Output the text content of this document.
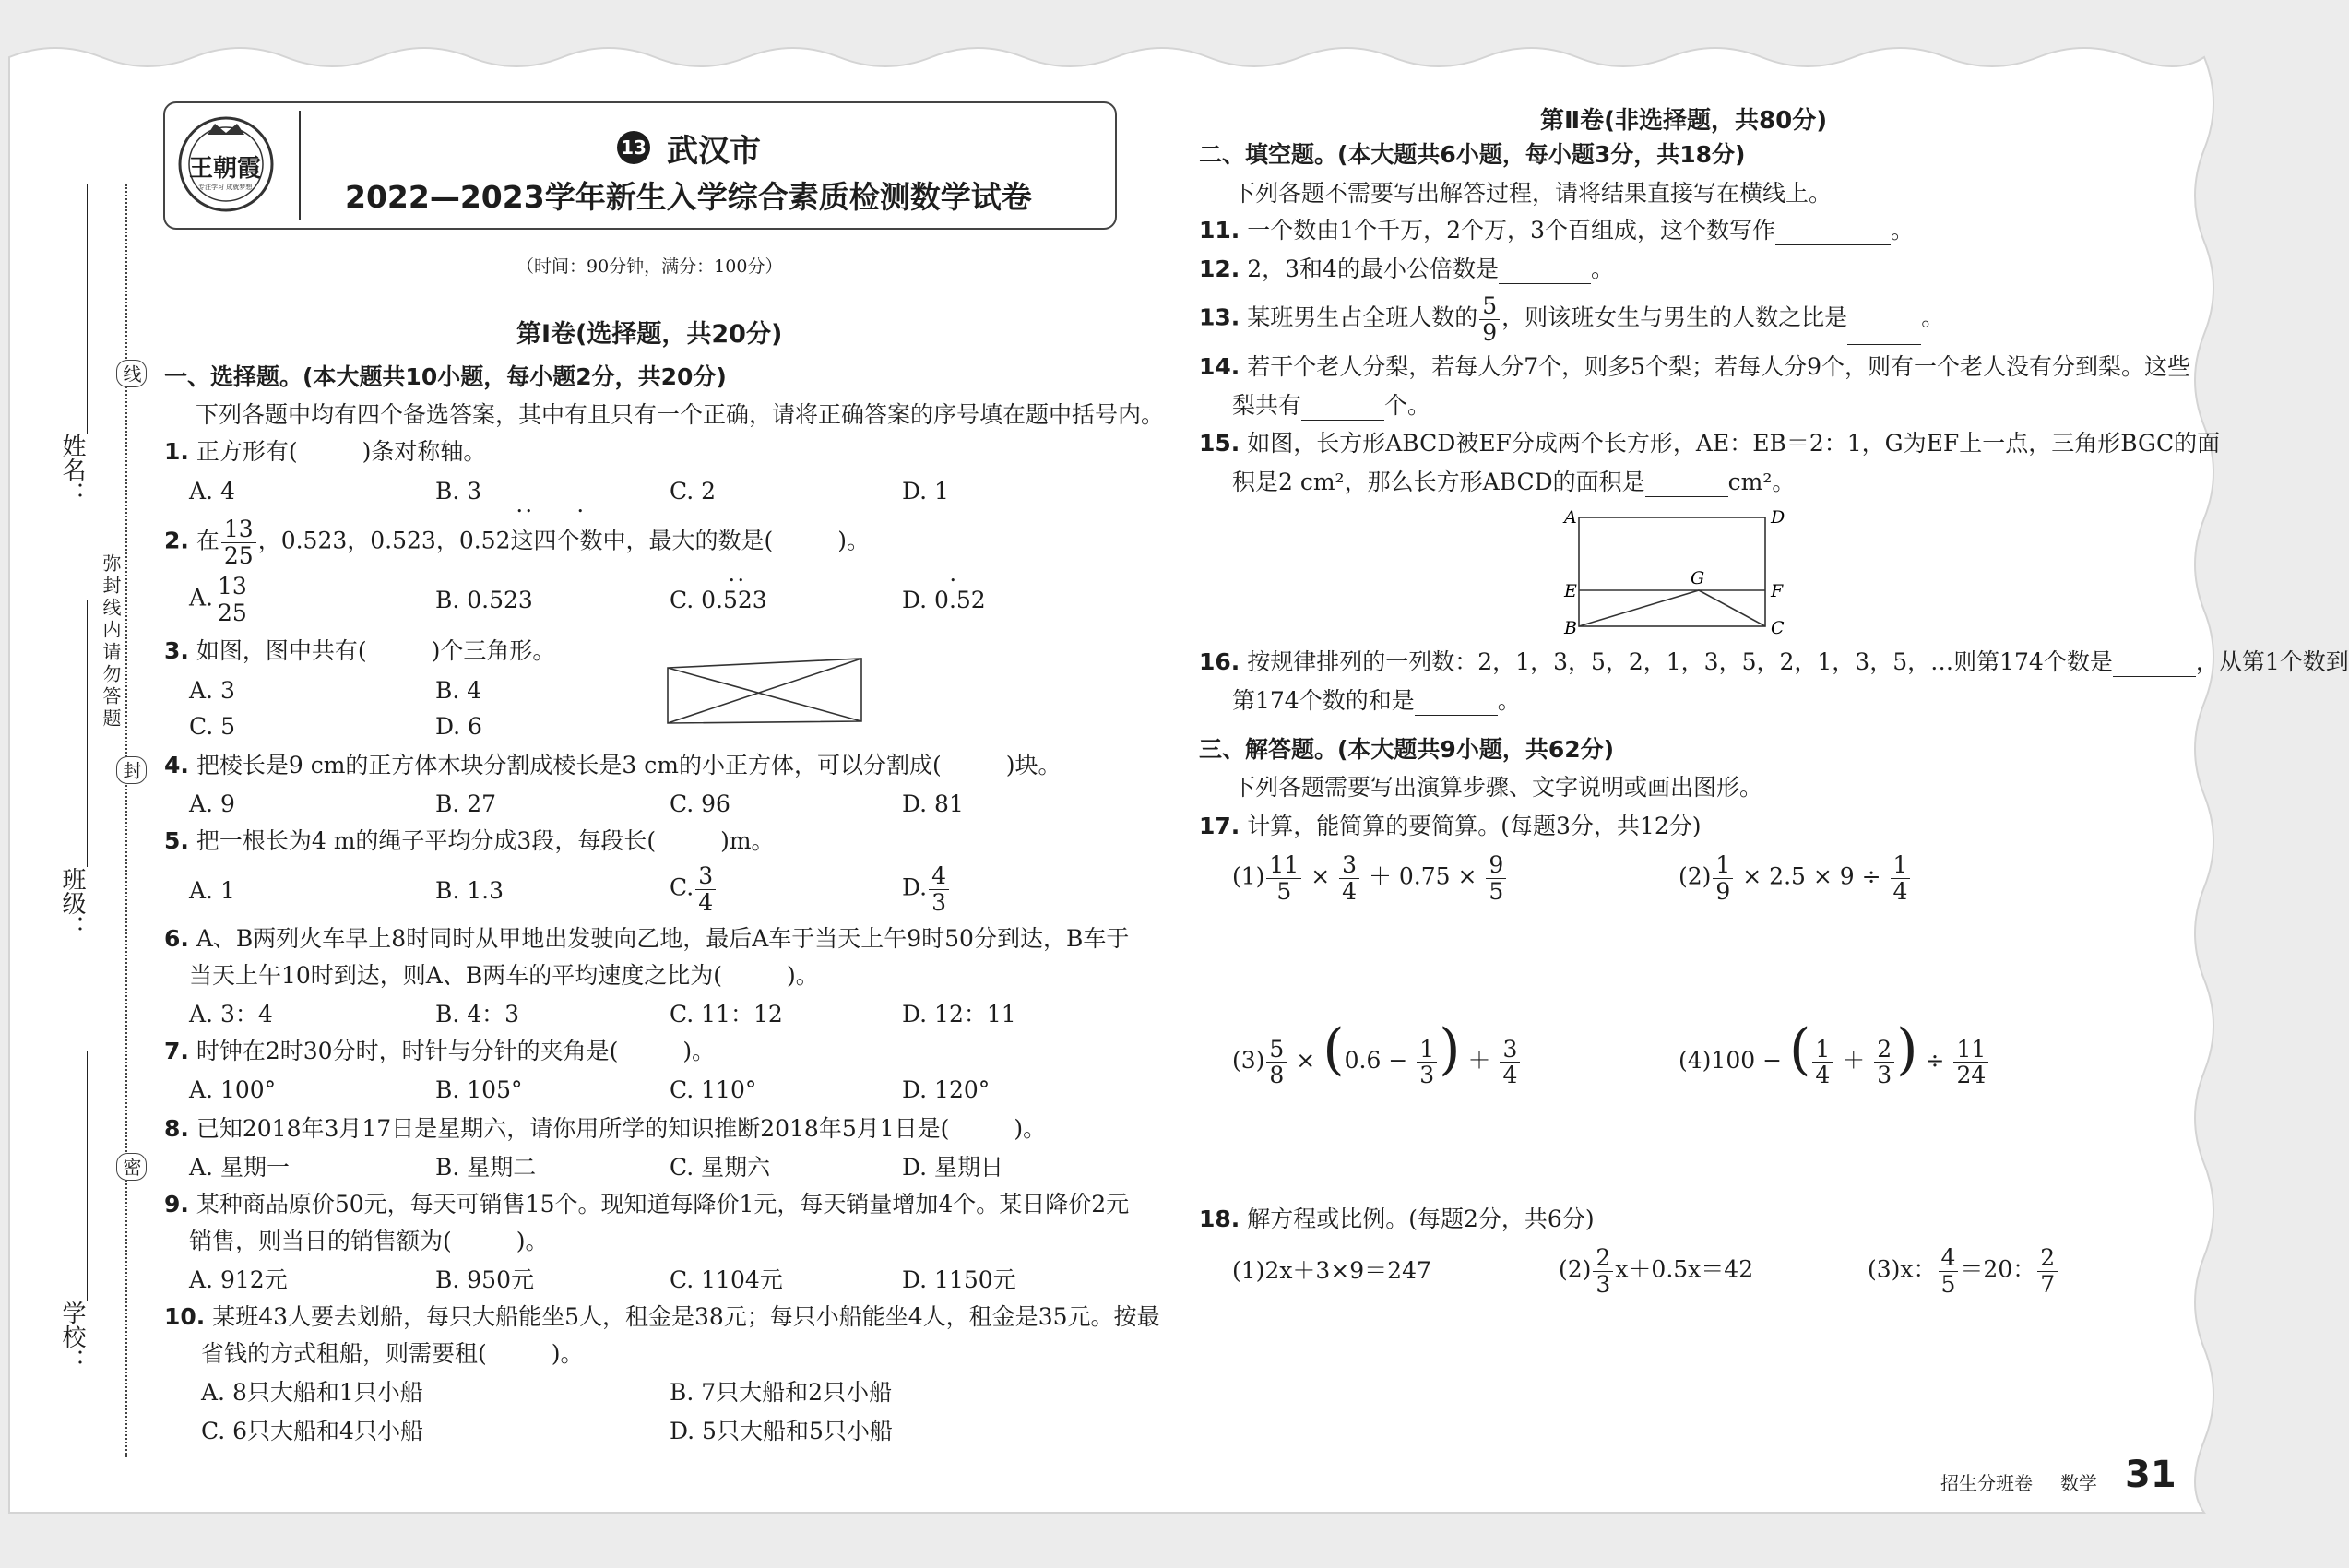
姓名：
班级：
学校：
弥封线内请勿答题
线
封
密
王朝霞
专注学习 成就梦想
13 武汉市
2022—2023学年新生入学综合素质检测数学试卷
（时间：90分钟，满分：100分）
第Ⅰ卷(选择题，共20分)
一、选择题。(本大题共10小题，每小题2分，共20分)
下列各题中均有四个备选答案，其中有且只有一个正确，请将正确答案的序号填在题中括号内。
1. 正方形有(	)条对称轴。
A. 4	B. 3	C. 2	D. 1
2. 在 $\frac{13}{25}$ ，0.523，0.523，0.52这四个数中，最大的数是(	)。
A. $\frac{13}{25}$	B. 0.523	C. 0.523	D. 0.52
• •	•
• •	•
3. 如图，图中共有(	)个三角形。
A. 3	B. 4
C. 5	D. 6
4. 把棱长是9 cm的正方体木块分割成棱长是3 cm的小正方体，可以分割成(	)块。
A. 9	B. 27	C. 96	D. 81
5. 把一根长为4 m的绳子平均分成3段，每段长(	)m。
A. 1	B. 1.3	C. $\frac{3}{4}$	D. $\frac{4}{3}$
6. A、B两列火车早上8时同时从甲地出发驶向乙地，最后A车于当天上午9时50分到达，B车于
当天上午10时到达，则A、B两车的平均速度之比为(	)。
A. 3：4	B. 4：3	C. 11：12	D. 12：11
7. 时钟在2时30分时，时针与分针的夹角是(	)。
A. 100°	B. 105°	C. 110°	D. 120°
8. 已知2018年3月17日是星期六，请你用所学的知识推断2018年5月1日是(	)。
A. 星期一	B. 星期二	C. 星期六	D. 星期日
9. 某种商品原价50元，每天可销售15个。现知道每降价1元，每天销量增加4个。某日降价2元
销售，则当日的销售额为(	)。
A. 912元	B. 950元	C. 1104元	D. 1150元
10. 某班43人要去划船，每只大船能坐5人，租金是38元；每只小船能坐4人，租金是35元。按最
省钱的方式租船，则需要租(	)。
A. 8只大船和1只小船	B. 7只大船和2只小船
C. 6只大船和4只小船	D. 5只大船和5只小船
第Ⅱ卷(非选择题，共80分)
二、填空题。(本大题共6小题，每小题3分，共18分)
下列各题不需要写出解答过程，请将结果直接写在横线上。
11. 一个数由1个千万，2个万，3个百组成，这个数写作	。
12. 2，3和4的最小公倍数是	。
13. 某班男生占全班人数的 $\frac{5}{9}$ ，则该班女生与男生的人数之比是	。
14. 若干个老人分梨，若每人分7个，则多5个梨；若每人分9个，则有一个老人没有分到梨。这些
梨共有	个。
15. 如图，长方形ABCD被EF分成两个长方形，AE：EB＝2：1，G为EF上一点，三角形BGC的面
积是2 cm²，那么长方形ABCD的面积是	cm²。
A	D
E	F
G
B	C
16. 按规律排列的一列数：2，1，3，5，2，1，3，5，2，1，3，5，…则第174个数是	，从第1个数到
第174个数的和是	。
三、解答题。(本大题共9小题，共62分)
下列各题需要写出演算步骤、文字说明或画出图形。
17. 计算，能简算的要简算。(每题3分，共12分)
$(1) \frac{11}{5} \times \frac{3}{4} + 0.75 \times \frac{9}{5}$	$(2) \frac{1}{9} \times 2.5 \times 9 \div \frac{1}{4}$
$(3) \frac{5}{8} \times (0.6 - \frac{1}{3}$ ) ＋ $\frac{3}{4}$	(4)100 − ( $\frac{1}{4} + \frac{2}{3}$ ) ÷ $\frac{11}{24}$
18. 解方程或比例。(每题2分，共6分)
(1)2x＋3×9＝247	$(2) \frac{2}{3} x+0.5x=42$	(3)x： $\frac{4}{5} =20$： $\frac{2}{7}$
招生分班卷 数学 31
